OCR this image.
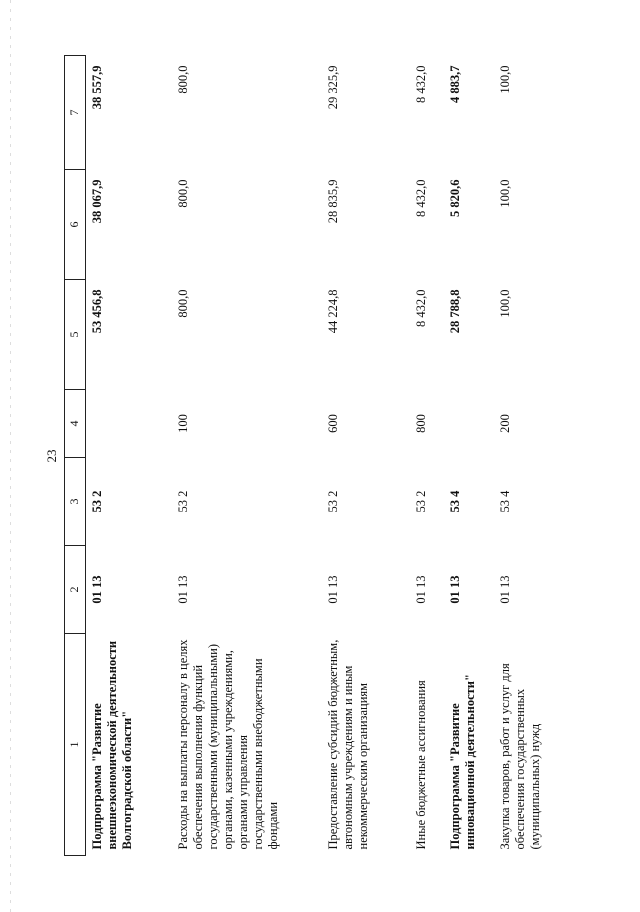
23
1	2	3	4	5	6	7
Подпрограмма "Развитие внешнеэкономической деятельности Волгоградской области"	01 13	53 2		53 456,8	38 067,9	38 557,9
Расходы на выплаты персоналу в целях обеспечения выполнения функций государственными (муниципальными) органами, казенными учреждениями, органами управления государственными внебюджетными фондами	01 13	53 2	100	800,0	800,0	800,0
Предоставление субсидий бюджетным, автономным учреждениям и иным некоммерческим организациям	01 13	53 2	600	44 224,8	28 835,9	29 325,9
Иные бюджетные ассигнования	01 13	53 2	800	8 432,0	8 432,0	8 432,0
Подпрограмма "Развитие инновационной деятельности"	01 13	53 4		28 788,8	5 820,6	4 883,7
Закупка товаров, работ и услуг для обеспечения государственных (муниципальных) нужд	01 13	53 4	200	100,0	100,0	100,0
